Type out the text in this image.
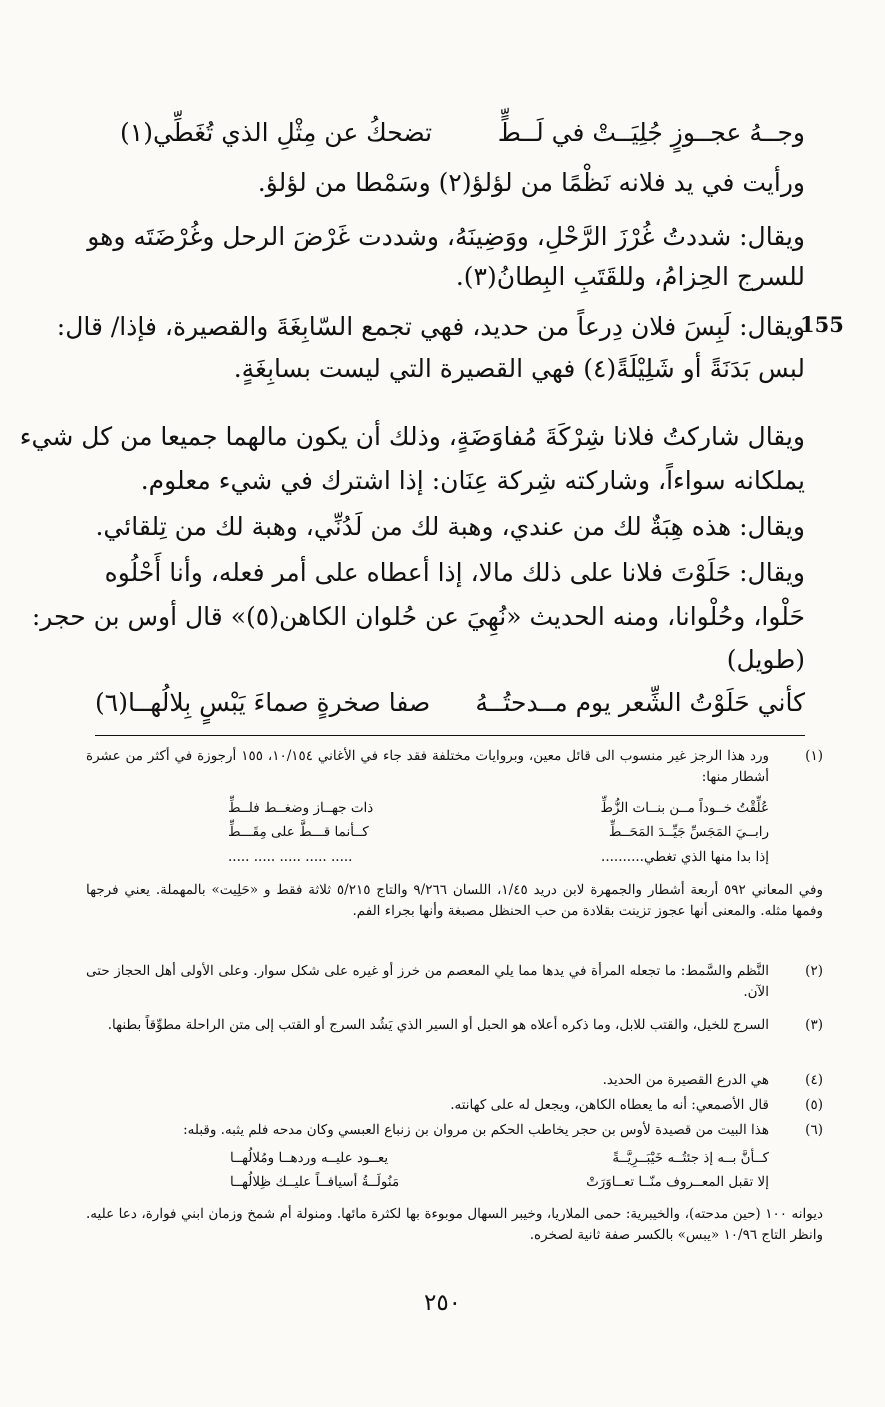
155
وجــهُ عجــوزٍ جُلِيَــتْ في لَــطٍّ
تضحكُ عن مِثْلِ الذي تُغَطِّي(١)
ورأيت في يد فلانه نَظْمًا من لؤلؤ(٢) وسَمْطا من لؤلؤ.
ويقال: شددتُ غُرْزَ الرَّحْلِ، ووَضِينَهُ، وشددت غَرْضَ الرحل وغُرْضَتَه وهو
للسرج الحِزامُ، وللقَتَبِ البِطانُ(٣).
ويقال: لَبِسَ فلان دِرعاً من حديد، فهي تجمع السّابِغَةَ والقصيرة، فإذا/ قال:
لبس بَدَنَةً أو شَلِيْلَةً(٤) فهي القصيرة التي ليست بسابِغَةٍ.
ويقال شاركتُ فلانا شِرْكَةَ مُفاوَضَةٍ، وذلك أن يكون مالهما جميعا من كل شيء
يملكانه سواءاً، وشاركته شِركة عِنَان: إذا اشترك في شيء معلوم.
ويقال: هذه هِبَةٌ لك من عندي، وهبة لك من لَدُنِّي، وهبة لك من تِلقائي.
ويقال: حَلَوْتَ فلانا على ذلك مالا، إذا أعطاه على أمر فعله، وأنا أَحْلُوه
حَلْوا، وحُلْوانا، ومنه الحديث «نُهِيَ عن حُلوان الكاهن(٥)» قال أوس بن حجر:
(طويل)
كأني حَلَوْتُ الشِّعر يوم مــدحتُــهُ
صفا صخرةٍ صماءَ يَبْسٍ بِلالُهــا(٦)
(١)
ورد هذا الرجز غير منسوب الى قائل معين، وبروايات مختلفة فقد جاء في الأغاني ١٠/١٥٤، ١٥٥ أرجوزة في أكثر من عشرة أشطار منها:
عُلِّقْتُ خــوداً مــن بنــات الزُّطِّ
ذات جهــاز وضغــط فلــطِّ
رابــيَ المَجَسِّ جَيِّــدَ المَحَــطِّ
كــأنما قـــطَّ على مِقَـــطِّ
إذا بدا منها الذي تغطي..........
..... ..... ..... ..... .....
وفي المعاني ٥٩٢ أربعة أشطار والجمهرة لابن دريد ١/٤٥، اللسان ٩/٢٦٦ والتاج ٥/٢١٥ ثلاثة فقط و «حَلِيت» بالمهملة. يعني فرجها وفمها مثله. والمعنى أنها عجوز تزينت بقلادة من حب الحنظل مصبغة وأنها بجراء الفم.
(٢)
النَّظم والسَّمط: ما تجعله المرأة في يدها مما يلي المعصم من خرز أو غيره على شكل سوار. وعلى الأولى أهل الحجاز حتى الآن.
(٣)
السرج للخيل، والقتب للابل، وما ذكره أعلاه هو الحبل أو السير الذي يَشُد السرج أو القتب إلى متن الراحلة مطوِّقاً بطنها.
(٤)
هي الدرع القصيرة من الحديد.
(٥)
قال الأصمعي: أنه ما يعطاه الكاهن، ويجعل له على كهانته.
(٦)
هذا البيت من قصيدة لأوس بن حجر يخاطب الحكم بن مروان بن زنباع العبسي وكان مدحه فلم يثبه. وقبله:
كــأنَّ بــه إذ جئتُــه خَيْبَــرِيَّــةً
يعــود عليــه وردهــا ومُلالُهــا
إلا تقبل المعــروف منّــا تعــاوَرَتْ
مَنُولَــةُ أسيافــاً عليــك ظِلالُهــا
ديوانه ١٠٠ (حين مدحته)، والخيبرية: حمى الملاريا، وخيبر السهال موبوءة بها لكثرة مائها. ومنولة أم شمخ وزمان ابني فوارة، دعا عليه. وانظر التاج ١٠/٩٦ «يبس» بالكسر صفة ثانية لصخره.
٢٥٠
